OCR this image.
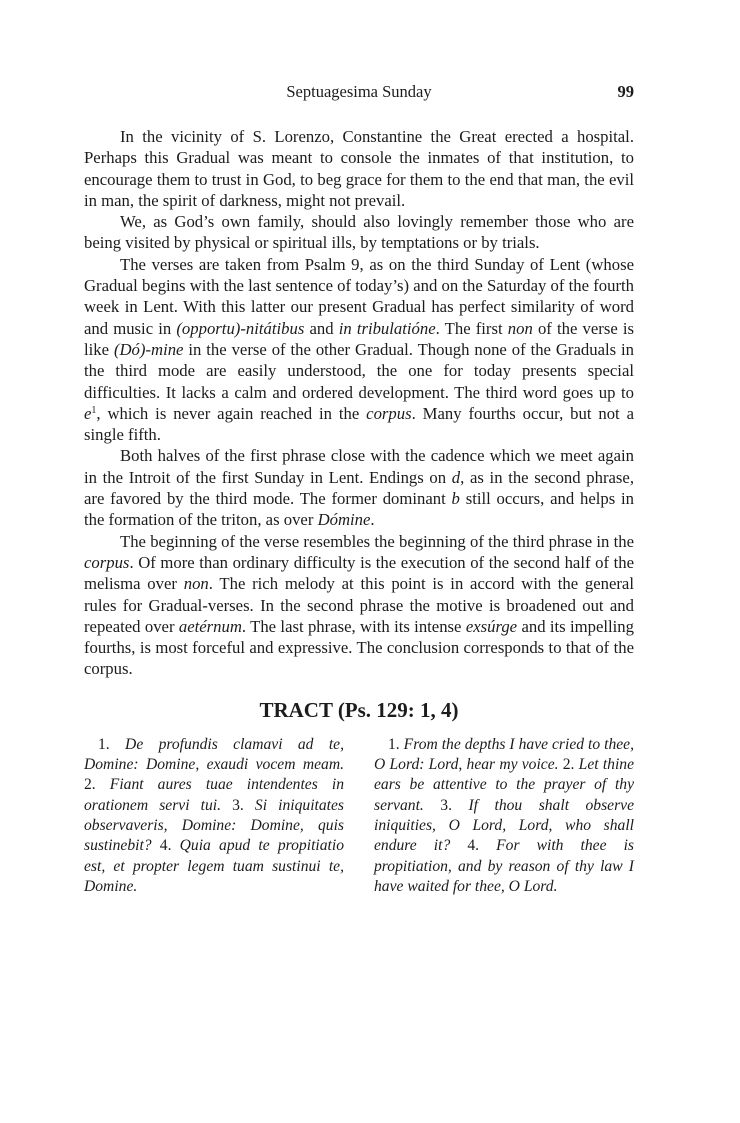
Septuagesima Sunday	99

In the vicinity of S. Lorenzo, Constantine the Great erected a hospital. Perhaps this Gradual was meant to console the inmates of that institution, to encourage them to trust in God, to beg grace for them to the end that man, the evil in man, the spirit of darkness, might not prevail.

We, as God’s own family, should also lovingly remember those who are being visited by physical or spiritual ills, by temptations or by trials.

The verses are taken from Psalm 9, as on the third Sunday of Lent (whose Gradual begins with the last sentence of today’s) and on the Saturday of the fourth week in Lent. With this latter our present Gradual has perfect similarity of word and music in (opportu)-nitátibus and in tribulatióne. The first non of the verse is like (Dó)-mine in the verse of the other Gradual. Though none of the Graduals in the third mode are easily understood, the one for today presents special difficulties. It lacks a calm and ordered development. The third word goes up to $e^1$, which is never again reached in the corpus. Many fourths occur, but not a single fifth.

Both halves of the first phrase close with the cadence which we meet again in the Introit of the first Sunday in Lent. Endings on d, as in the second phrase, are favored by the third mode. The former dominant b still occurs, and helps in the formation of the triton, as over Dómine.

The beginning of the verse resembles the beginning of the third phrase in the corpus. Of more than ordinary difficulty is the execution of the second half of the melisma over non. The rich melody at this point is in accord with the general rules for Gradual-verses. In the second phrase the motive is broadened out and repeated over aetérnum. The last phrase, with its intense exsúrge and its impelling fourths, is most forceful and expressive. The conclusion corresponds to that of the corpus.

TRACT (Ps. 129: 1, 4)
1. De profundis clamavi ad te, Domine: Domine, exaudi vocem meam. 2. Fiant aures tuae intendentes in orationem servi tui. 3. Si iniquitates observaveris, Domine: Domine, quis sustinebit? 4. Quia apud te propitiatio est, et propter legem tuam sustinui te, Domine.
1. From the depths I have cried to thee, O Lord: Lord, hear my voice. 2. Let thine ears be attentive to the prayer of thy servant. 3. If thou shalt observe iniquities, O Lord, Lord, who shall endure it? 4. For with thee is propitiation, and by reason of thy law I have waited for thee, O Lord.
